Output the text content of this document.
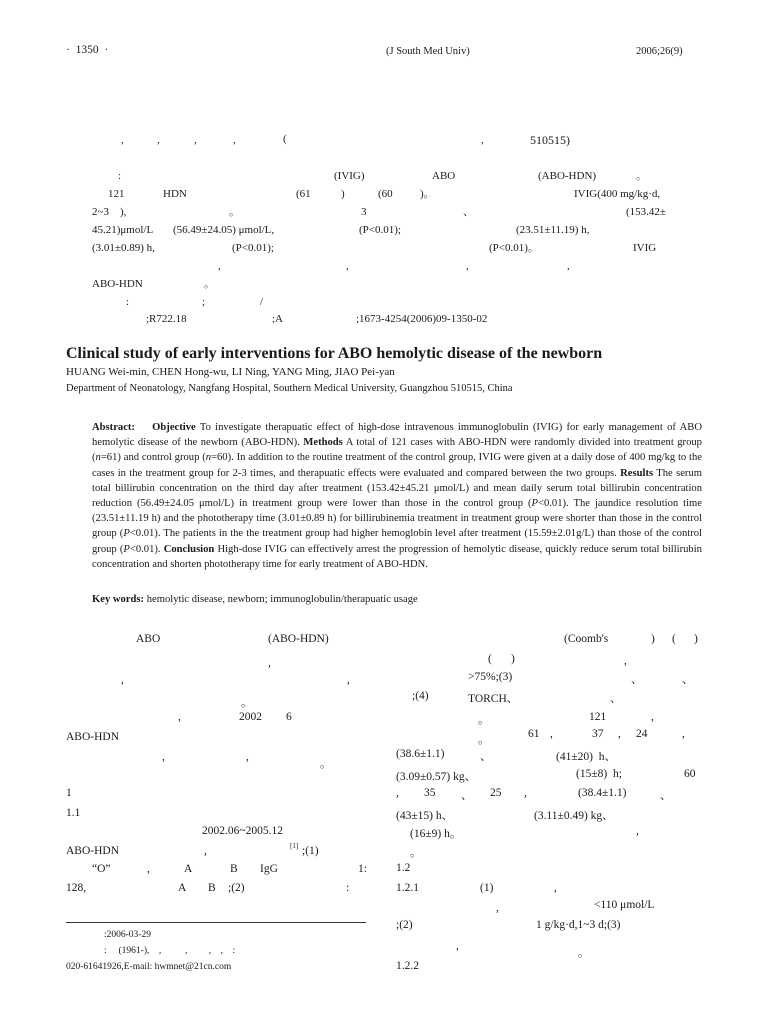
·  1350  ·	(J South Med Univ)	2006;26(9)
,	,	,	,	(	,	510515)
:	(IVIG)	ABO	(ABO-HDN)	。
121	HDN	(61	)	(60 )。	IVIG(400 mg/kg·d,
2~3    ),	。	3	、	(153.42±
45.21)μmol/L (56.49±24.05) μmol/L,	(P<0.01);	(23.51±11.19) h,
(3.01±0.89) h,	(P<0.01);	(P<0.01)。	IVIG
,	,	,	,
ABO-HDN	。
:	;	/
;R722.18	;A	;1673-4254(2006)09-1350-02
Clinical study of early interventions for ABO hemolytic disease of the newborn
HUANG Wei-min, CHEN Hong-wu, LI Ning, YANG Ming, JIAO Pei-yan
Department of Neonatology, Nangfang Hospital, Southern Medical University, Guangzhou 510515, China
Abstract: Objective To investigate therapuatic effect of high-dose intravenous immunoglobulin (IVIG) for early management of ABO hemolytic disease of the newborn (ABO-HDN). Methods A total of 121 cases with ABO-HDN were randomly divided into treatment group (n=61) and control group (n=60). In addition to the routine treatment of the control group, IVIG were given at a daily dose of 400 mg/kg to the cases in the treatment group for 2-3 times, and therapuatic effects were evaluated and compared between the two groups. Results The serum total billirubin concentration on the third day after treatment (153.42±45.21 μmol/L) and mean daily serum total billirubin concentration reduction (56.49±24.05 μmol/L) in treatment group were lower than those in the control group (P<0.01). The jaundice resolution time (23.51±11.19 h) and the phototherapy time (3.01±0.89 h) for billirubinemia treatment in treatment group were shorter than those in the control group (P<0.01). The patients in the the treatment group had higher hemoglobin level after treatment (15.59±2.01g/L) than those of the control group (P<0.01). Conclusion High-dose IVIG can effectively arrest the progression of hemolytic disease, quickly reduce serum total billirubin concentration and shorten phototherapy time for early treatment of ABO-HDN.
Key words: hemolytic disease, newborn; immunoglobulin/therapuatic usage
ABO	(ABO-HDN)
,
,	,
。
,	2002 6
ABO-HDN
,	,
。
1
1.1
2002.06~2005.12
ABO-HDN	,	[1] ;(1)
“O”	,	A	B IgG	1:
128,	A B ;(2)	:
:2006-03-29
:     (1961-),    ,          ,         ,    ,    :
020-61641926,E-mail: hwmnet@21cn.com
(Coomb's	) ( )
( )	,
>75%;(3)	、	、
;(4)	TORCH、	、
。	121	,
。	61 ,	37 , 24	,
(38.6±1.1)	、	(41±20)  h、
(3.09±0.57) kg、	(15±8)  h;	60
, 35 、 25 ,	(38.4±1.1)	、
(43±15) h、	(3.11±0.49) kg、
(16±9) h。	,
。
1.2
1.2.1	(1)	,
,	<110 μmol/L
;(2)	1 g/kg·d,1~3 d;(3)
,
。
1.2.2
